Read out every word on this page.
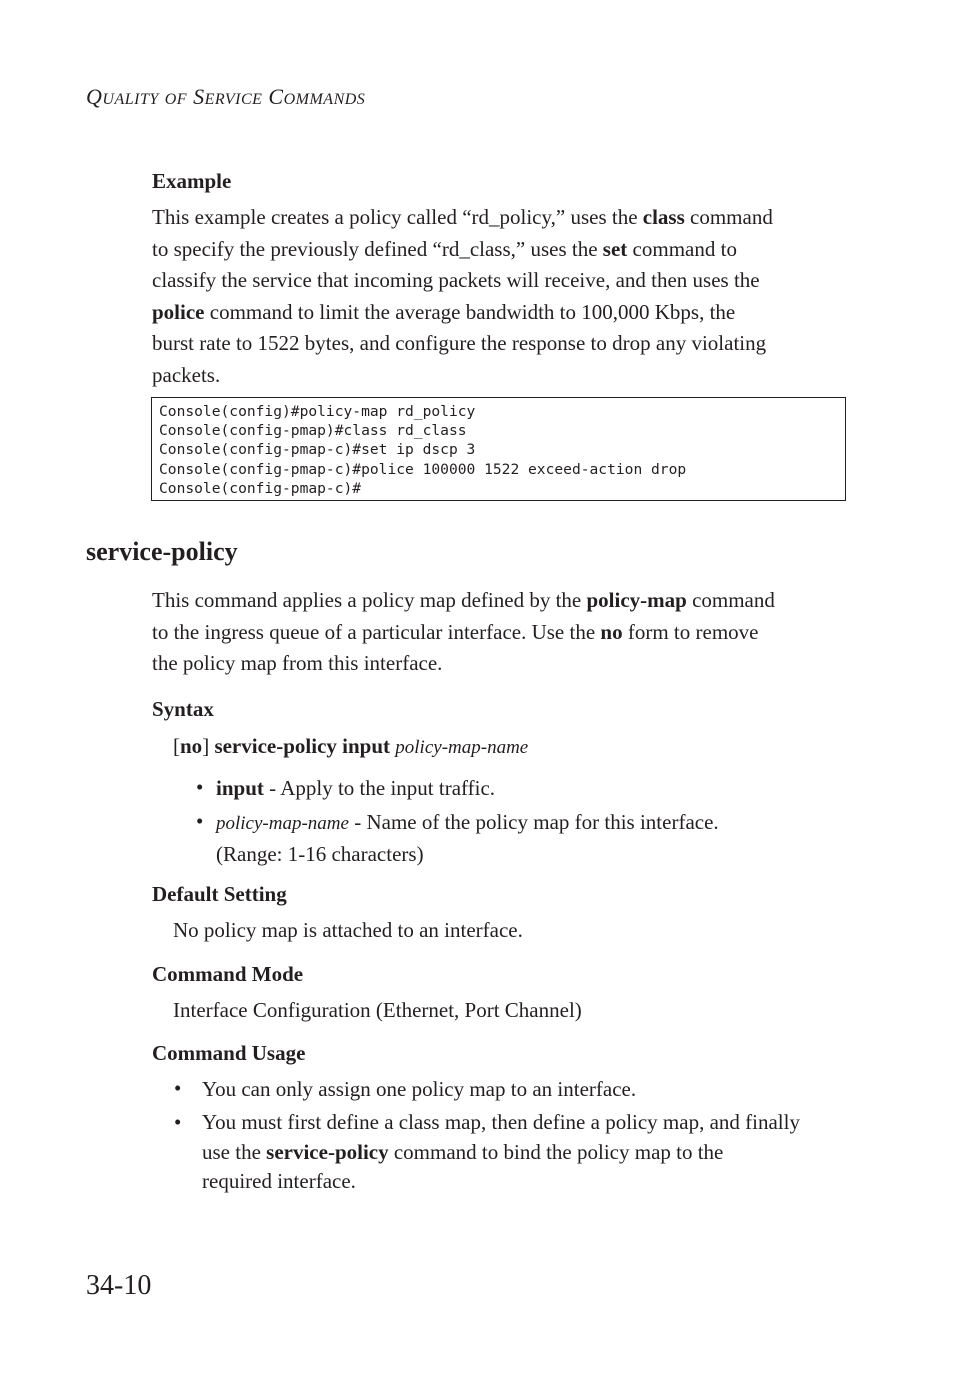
QUALITY OF SERVICE COMMANDS
Example
This example creates a policy called “rd_policy,” uses the class command
to specify the previously defined “rd_class,” uses the set command to
classify the service that incoming packets will receive, and then uses the
police command to limit the average bandwidth to 100,000 Kbps, the
burst rate to 1522 bytes, and configure the response to drop any violating
packets.
Console(config)#policy-map rd_policy
Console(config-pmap)#class rd_class
Console(config-pmap-c)#set ip dscp 3
Console(config-pmap-c)#police 100000 1522 exceed-action drop
Console(config-pmap-c)#
service-policy
This command applies a policy map defined by the policy-map command
to the ingress queue of a particular interface. Use the no form to remove
the policy map from this interface.
Syntax
[no] service-policy input policy-map-name
• input - Apply to the input traffic.
• policy-map-name - Name of the policy map for this interface.
(Range: 1-16 characters)
Default Setting
No policy map is attached to an interface.
Command Mode
Interface Configuration (Ethernet, Port Channel)
Command Usage
• You can only assign one policy map to an interface.
• You must first define a class map, then define a policy map, and finally
use the service-policy command to bind the policy map to the
required interface.
34-10
